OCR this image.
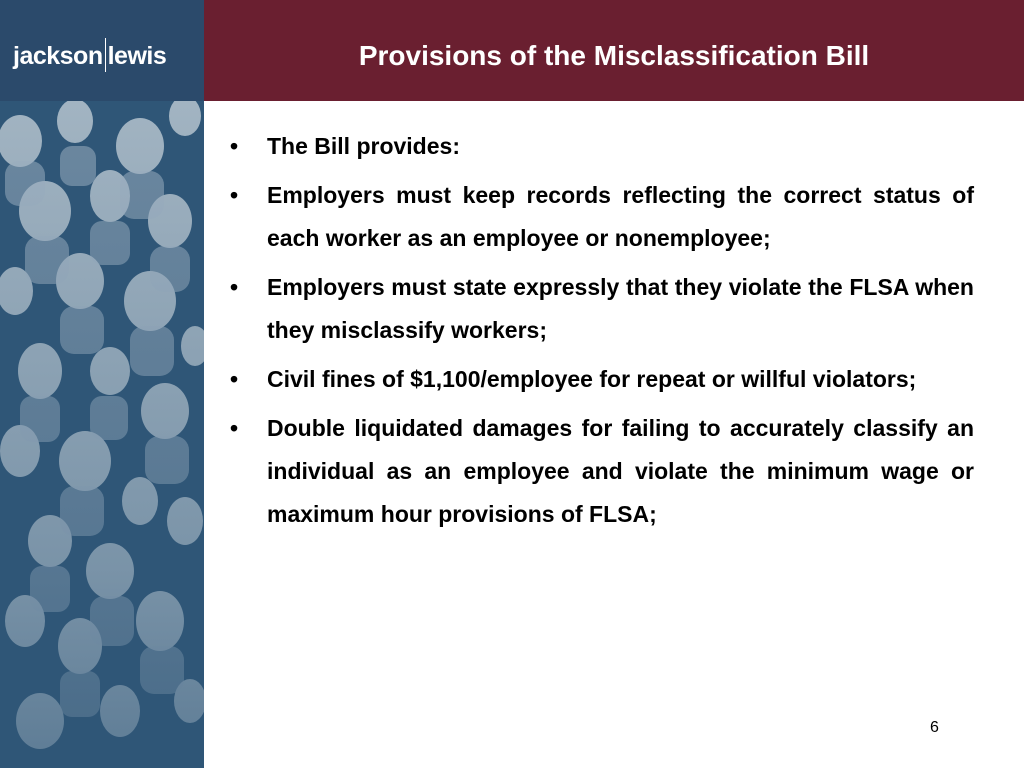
jackson lewis	Provisions of the Misclassification Bill
• The Bill provides:
• Employers must keep records reflecting the correct status of each worker as an employee or nonemployee;
• Employers must state expressly that they violate the FLSA when they misclassify workers;
• Civil fines of $1,100/employee for repeat or willful violators;
• Double liquidated damages for failing to accurately classify an individual as an employee and violate the minimum wage or maximum hour provisions of FLSA;
6
